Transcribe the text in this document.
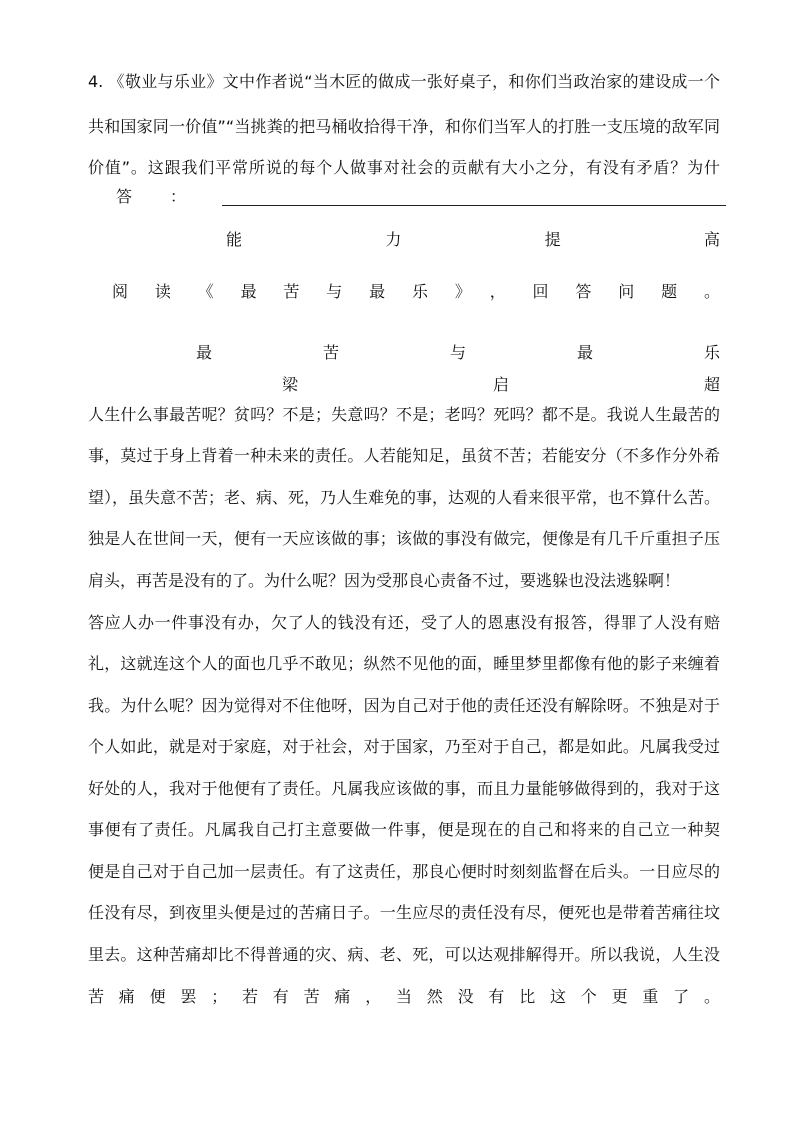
4. 《敬业与乐业》文中作者说“当木匠的做成一张好桌子，和你们当政治家的建设成一个
共和国家同一价值”“当挑粪的把马桶收拾得干净，和你们当军人的打胜一支压境的敌军同
价值”。这跟我们平常所说的每个人做事对社会的贡献有大小之分，有没有矛盾？为什
答　：
能力提高
阅读《最苦与最乐》，回答问题。
最苦与最乐
梁启超
人生什么事最苦呢？贫吗？不是；失意吗？不是；老吗？死吗？都不是。我说人生最苦的
事，莫过于身上背着一种未来的责任。人若能知足，虽贫不苦；若能安分（不多作分外希
望），虽失意不苦；老、病、死，乃人生难免的事，达观的人看来很平常，也不算什么苦。
独是人在世间一天，便有一天应该做的事；该做的事没有做完，便像是有几千斤重担子压
肩头，再苦是没有的了。为什么呢？因为受那良心责备不过，要逃躲也没法逃躲啊！
答应人办一件事没有办，欠了人的钱没有还，受了人的恩惠没有报答，得罪了人没有赔
礼，这就连这个人的面也几乎不敢见；纵然不见他的面，睡里梦里都像有他的影子来缠着
我。为什么呢？因为觉得对不住他呀，因为自己对于他的责任还没有解除呀。不独是对于
个人如此，就是对于家庭，对于社会，对于国家，乃至对于自己，都是如此。凡属我受过
好处的人，我对于他便有了责任。凡属我应该做的事，而且力量能够做得到的，我对于这
事便有了责任。凡属我自己打主意要做一件事，便是现在的自己和将来的自己立一种契
便是自己对于自己加一层责任。有了这责任，那良心便时时刻刻监督在后头。一日应尽的
任没有尽，到夜里头便是过的苦痛日子。一生应尽的责任没有尽，便死也是带着苦痛往坟
里去。这种苦痛却比不得普通的灾、病、老、死，可以达观排解得开。所以我说，人生没
苦痛便罢；若有苦痛，当然没有比这个更重了。
